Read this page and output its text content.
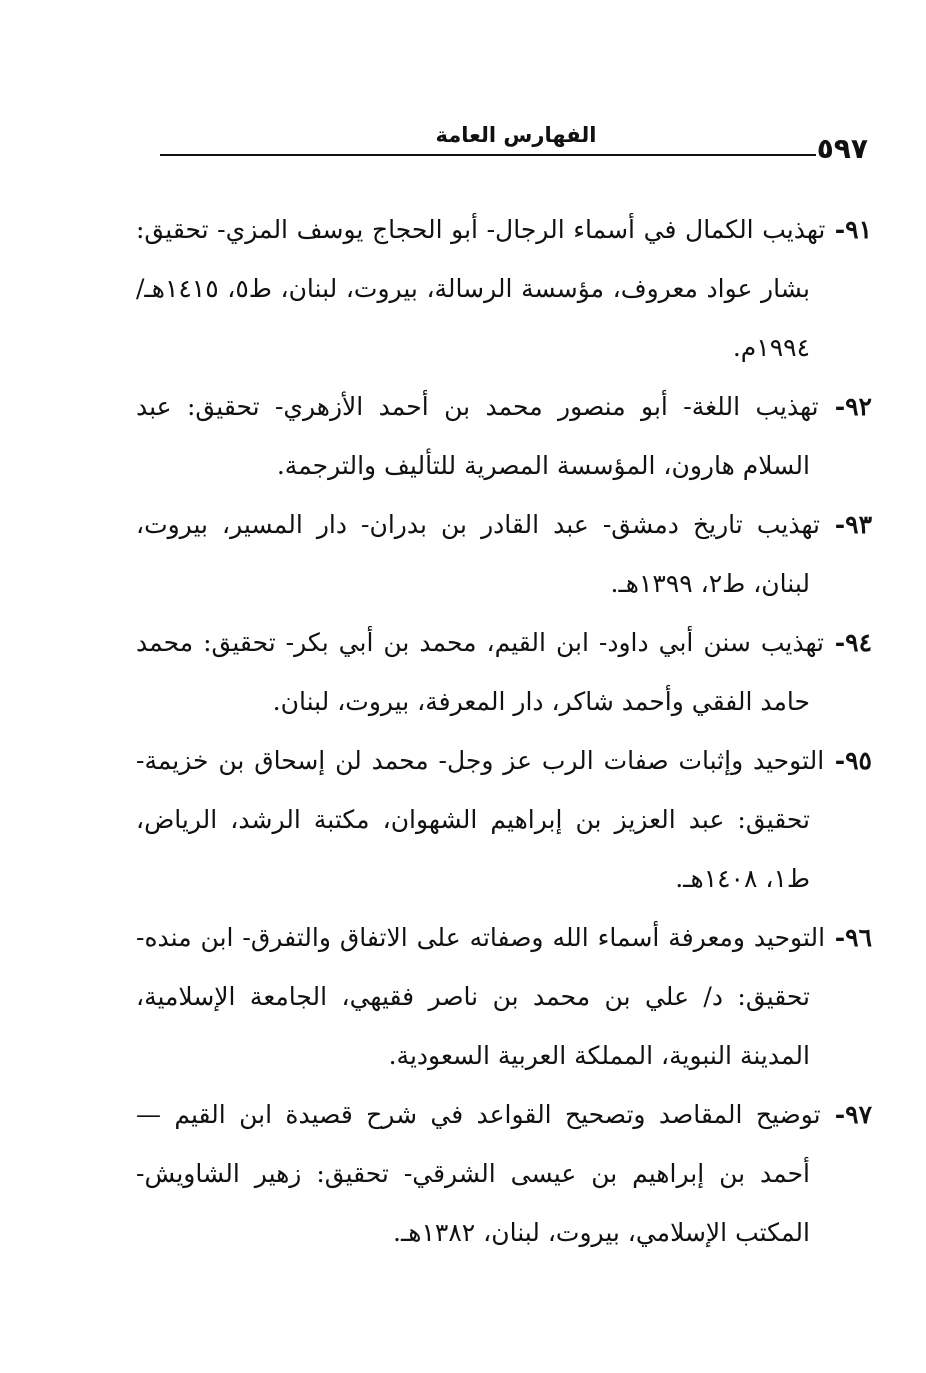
٥٩٧
الفهارس العامة

٩١- تهذيب الكمال في أسماء الرجال- أبو الحجاج يوسف المزي- تحقيق: بشار عواد معروف، مؤسسة الرسالة، بيروت، لبنان، ط٥، ١٤١٥هـ/١٩٩٤م.

٩٢- تهذيب اللغة- أبو منصور محمد بن أحمد الأزهري- تحقيق: عبد السلام هارون، المؤسسة المصرية للتأليف والترجمة.

٩٣- تهذيب تاريخ دمشق- عبد القادر بن بدران- دار المسير، بيروت، لبنان، ط٢، ١٣٩٩هـ.

٩٤- تهذيب سنن أبي داود- ابن القيم، محمد بن أبي بكر- تحقيق: محمد حامد الفقي وأحمد شاكر، دار المعرفة، بيروت، لبنان.

٩٥- التوحيد وإثبات صفات الرب عز وجل- محمد لن إسحاق بن خزيمة- تحقيق: عبد العزيز بن إبراهيم الشهوان، مكتبة الرشد، الرياض، ط١، ١٤٠٨هـ.

٩٦- التوحيد ومعرفة أسماء الله وصفاته على الاتفاق والتفرق- ابن منده- تحقيق: د/ علي بن محمد بن ناصر فقيهي، الجامعة الإسلامية، المدينة النبوية، المملكة العربية السعودية.

٩٧- توضيح المقاصد وتصحيح القواعد في شرح قصيدة ابن القيم — أحمد بن إبراهيم بن عيسى الشرقي- تحقيق: زهير الشاويش- المكتب الإسلامي، بيروت، لبنان، ١٣٨٢هـ.
